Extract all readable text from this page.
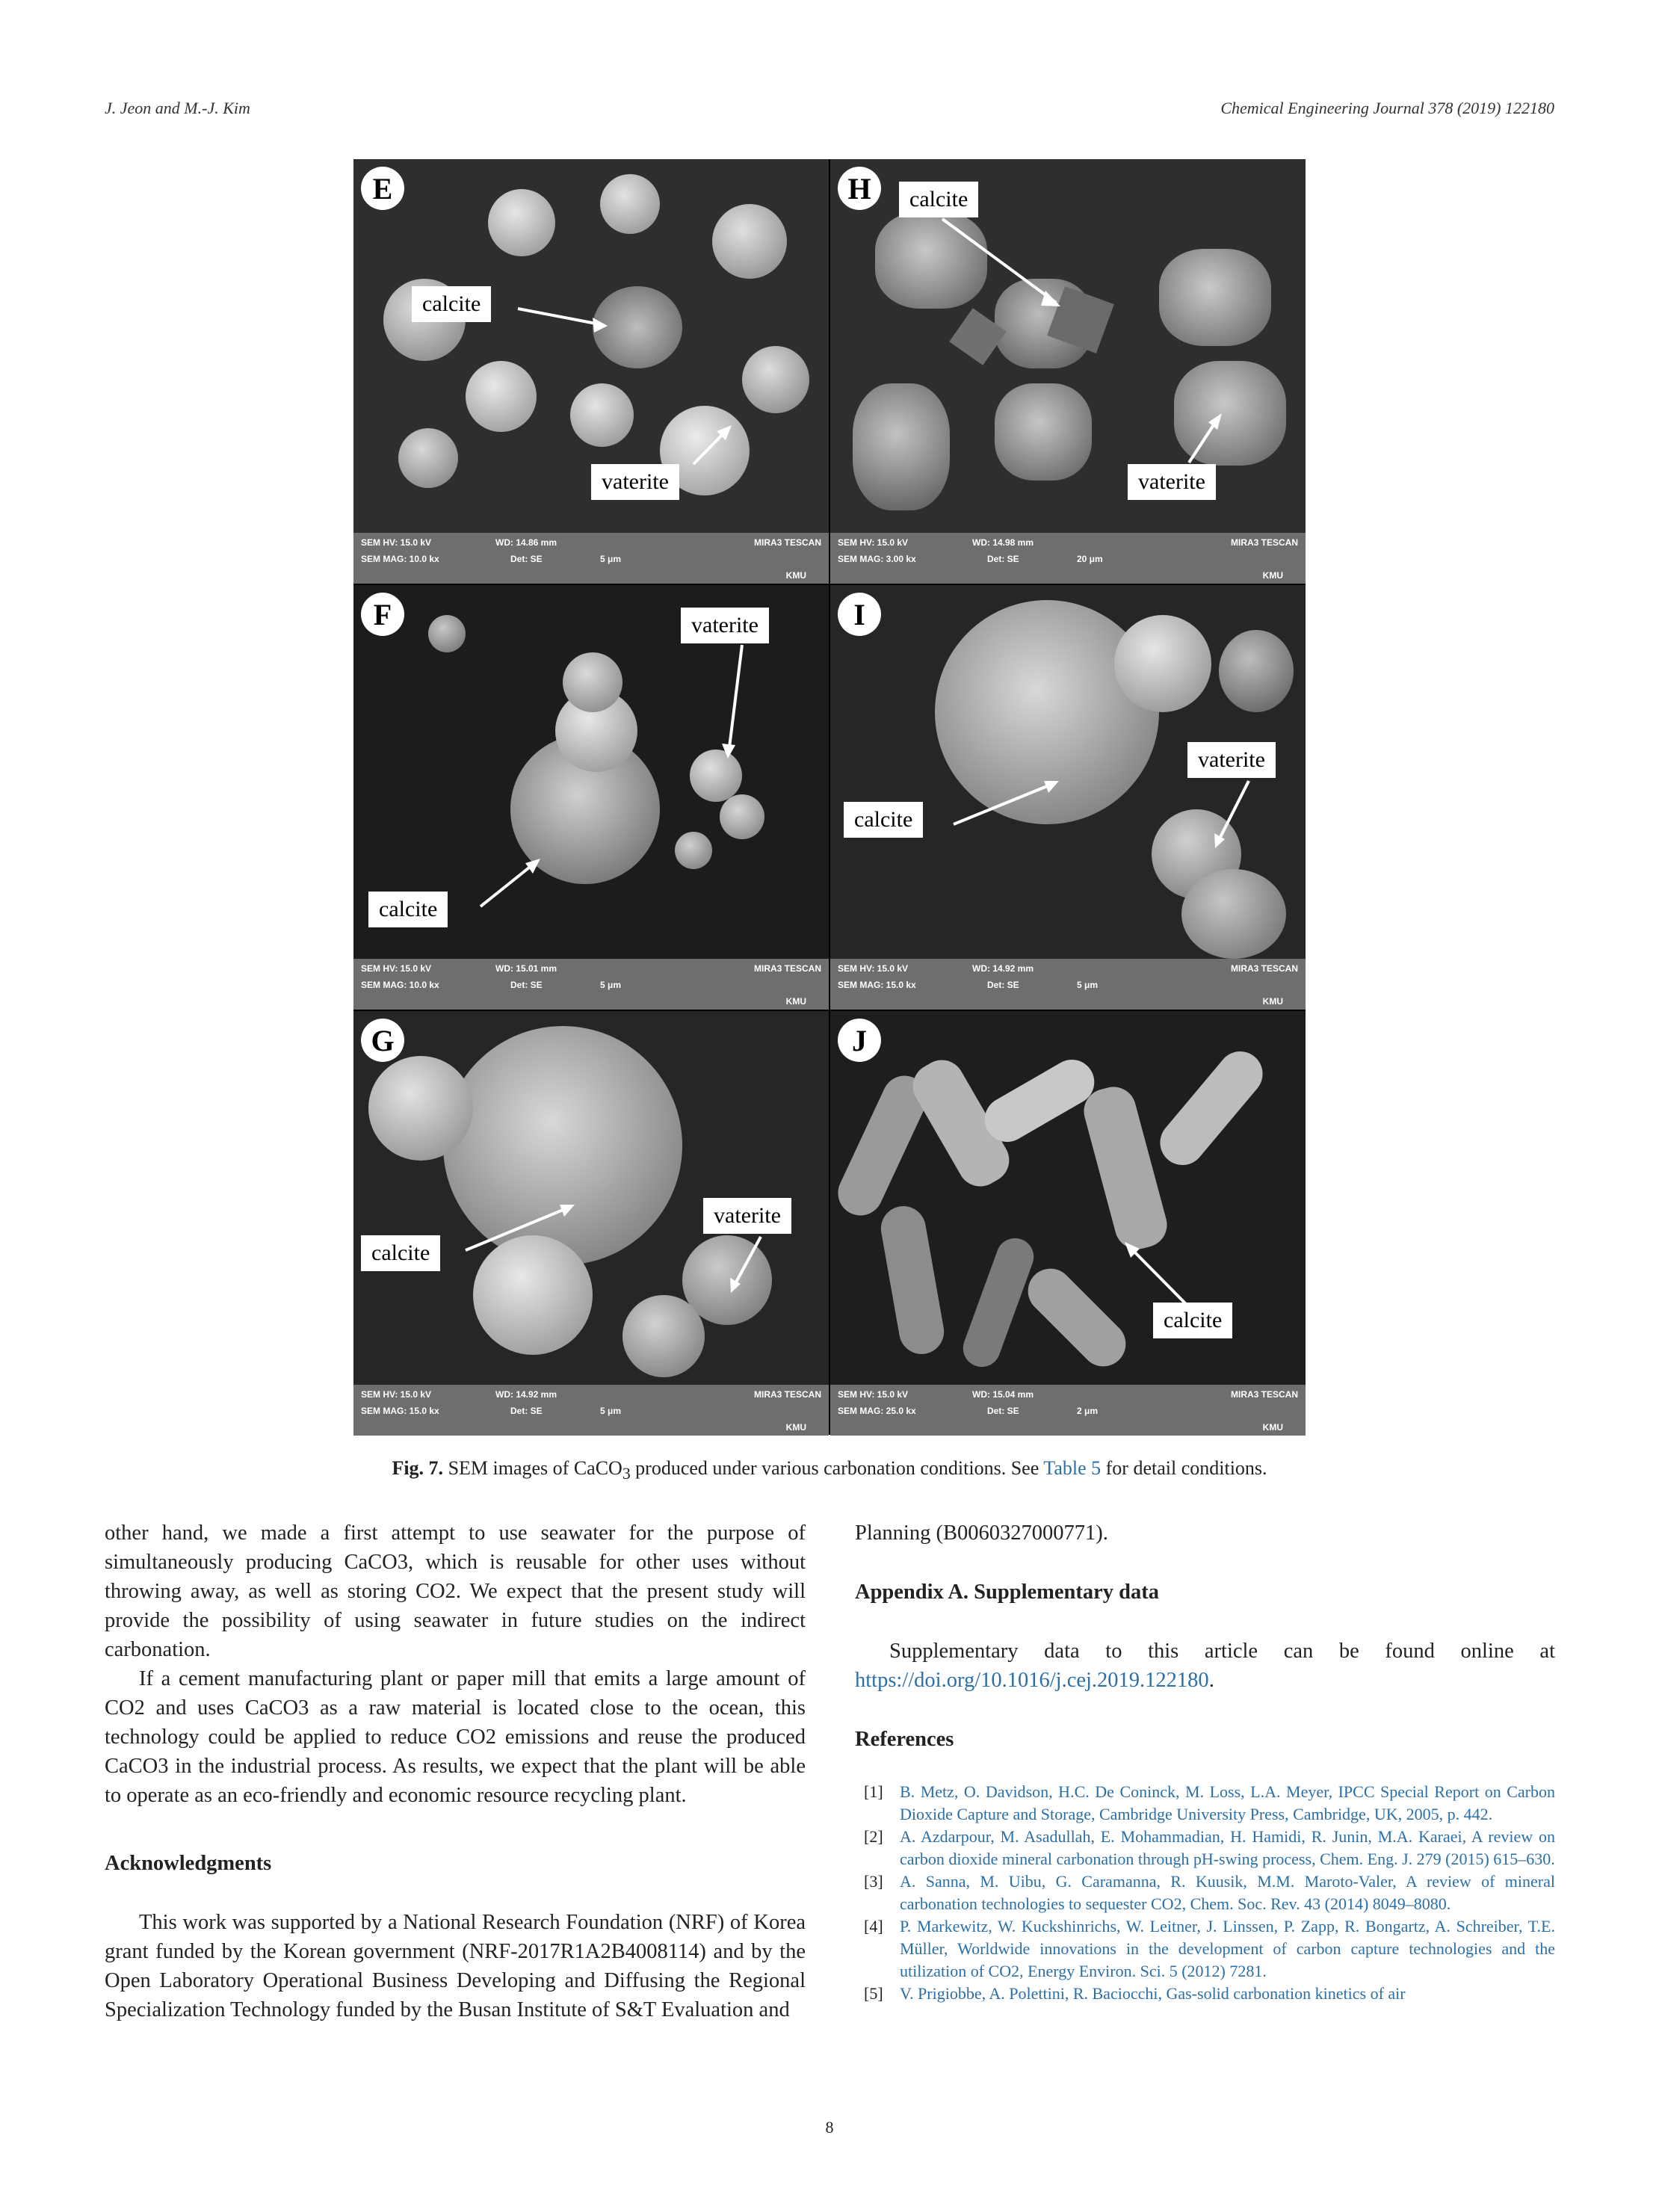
J. Jeon and M.-J. Kim	Chemical Engineering Journal 378 (2019) 122180
E
calcite
vaterite
SEM HV: 15.0 kV	WD: 14.86 mm
SEM MAG: 10.0 kx	Det: SE	5 μm
MIRA3 TESCAN
KMU
H	calcite
vaterite
SEM HV: 15.0 kV	WD: 14.98 mm
SEM MAG: 3.00 kx	Det: SE	20 μm
MIRA3 TESCAN
KMU
F	vaterite
calcite
SEM HV: 15.0 kV	WD: 15.01 mm
SEM MAG: 10.0 kx	Det: SE	5 μm
MIRA3 TESCAN
KMU
I
vaterite
calcite
SEM HV: 15.0 kV	WD: 14.92 mm
SEM MAG: 15.0 kx	Det: SE	5 μm
MIRA3 TESCAN
KMU
G
vaterite
calcite
SEM HV: 15.0 kV	WD: 14.92 mm
SEM MAG: 15.0 kx	Det: SE	5 μm
MIRA3 TESCAN
KMU
J
calcite
SEM HV: 15.0 kV	WD: 15.04 mm
SEM MAG: 25.0 kx	Det: SE	2 μm
MIRA3 TESCAN
KMU
Fig. 7. SEM images of CaCO$_3$ produced under various carbonation conditions. See Table 5 for detail conditions.

other hand, we made a first attempt to use seawater for the purpose of simultaneously producing CaCO3, which is reusable for other uses without throwing away, as well as storing CO2. We expect that the present study will provide the possibility of using seawater in future studies on the indirect carbonation.

If a cement manufacturing plant or paper mill that emits a large amount of CO2 and uses CaCO3 as a raw material is located close to the ocean, this technology could be applied to reduce CO2 emissions and reuse the produced CaCO3 in the industrial process. As results, we expect that the plant will be able to operate as an eco-friendly and economic resource recycling plant.

Acknowledgments

This work was supported by a National Research Foundation (NRF) of Korea grant funded by the Korean government (NRF-2017R1A2B4008114) and by the Open Laboratory Operational Business Developing and Diffusing the Regional Specialization Technology funded by the Busan Institute of S&T Evaluation and

Planning (B0060327000771).

Appendix A. Supplementary data

Supplementary data to this article can be found online at https://doi.org/10.1016/j.cej.2019.122180.

References

[1] B. Metz, O. Davidson, H.C. De Coninck, M. Loss, L.A. Meyer, IPCC Special Report on Carbon Dioxide Capture and Storage, Cambridge University Press, Cambridge, UK, 2005, p. 442.

[2] A. Azdarpour, M. Asadullah, E. Mohammadian, H. Hamidi, R. Junin, M.A. Karaei, A review on carbon dioxide mineral carbonation through pH-swing process, Chem. Eng. J. 279 (2015) 615–630.

[3] A. Sanna, M. Uibu, G. Caramanna, R. Kuusik, M.M. Maroto-Valer, A review of mineral carbonation technologies to sequester CO2, Chem. Soc. Rev. 43 (2014) 8049–8080.

[4] P. Markewitz, W. Kuckshinrichs, W. Leitner, J. Linssen, P. Zapp, R. Bongartz, A. Schreiber, T.E. Müller, Worldwide innovations in the development of carbon capture technologies and the utilization of CO2, Energy Environ. Sci. 5 (2012) 7281.

[5] V. Prigiobbe, A. Polettini, R. Baciocchi, Gas-solid carbonation kinetics of air

8
